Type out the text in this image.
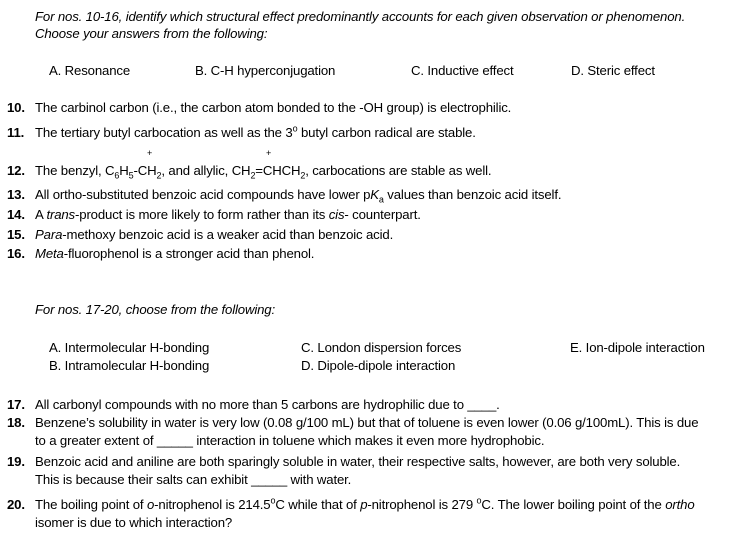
For nos. 10-16, identify which structural effect predominantly accounts for each given observation or phenomenon.
Choose your answers from the following:
A. Resonance	B. C-H hyperconjugation	C. Inductive effect	D. Steric effect
10. The carbinol carbon (i.e., the carbon atom bonded to the -OH group) is electrophilic.
11. The tertiary butyl carbocation as well as the 3$^o$ butyl carbon radical are stable.
+	+
12. The benzyl, $C_6H_5-CH_2$, and allylic, $CH_2=CHCH_2$, carbocations are stable as well.
13. All ortho-substituted benzoic acid compounds have lower $pK_a$ values than benzoic acid itself.
14. A trans-product is more likely to form rather than its cis- counterpart.
15. Para-methoxy benzoic acid is a weaker acid than benzoic acid.
16. Meta-fluorophenol is a stronger acid than phenol.
For nos. 17-20, choose from the following:
A. Intermolecular H-bonding
B. Intramolecular H-bonding
C. London dispersion forces
D. Dipole-dipole interaction
E. Ion-dipole interaction
17. All carbonyl compounds with no more than 5 carbons are hydrophilic due to ____.
18. Benzene’s solubility in water is very low (0.08 g/100 mL) but that of toluene is even lower (0.06 g/100mL). This is due
to a greater extent of _____ interaction in toluene which makes it even more hydrophobic.
19. Benzoic acid and aniline are both sparingly soluble in water, their respective salts, however, are both very soluble.
This is because their salts can exhibit _____ with water.
20. The boiling point of o-nitrophenol is 214.5$^o$C while that of p-nitrophenol is 279 $^o$C. The lower boiling point of the ortho
isomer is due to which interaction?
